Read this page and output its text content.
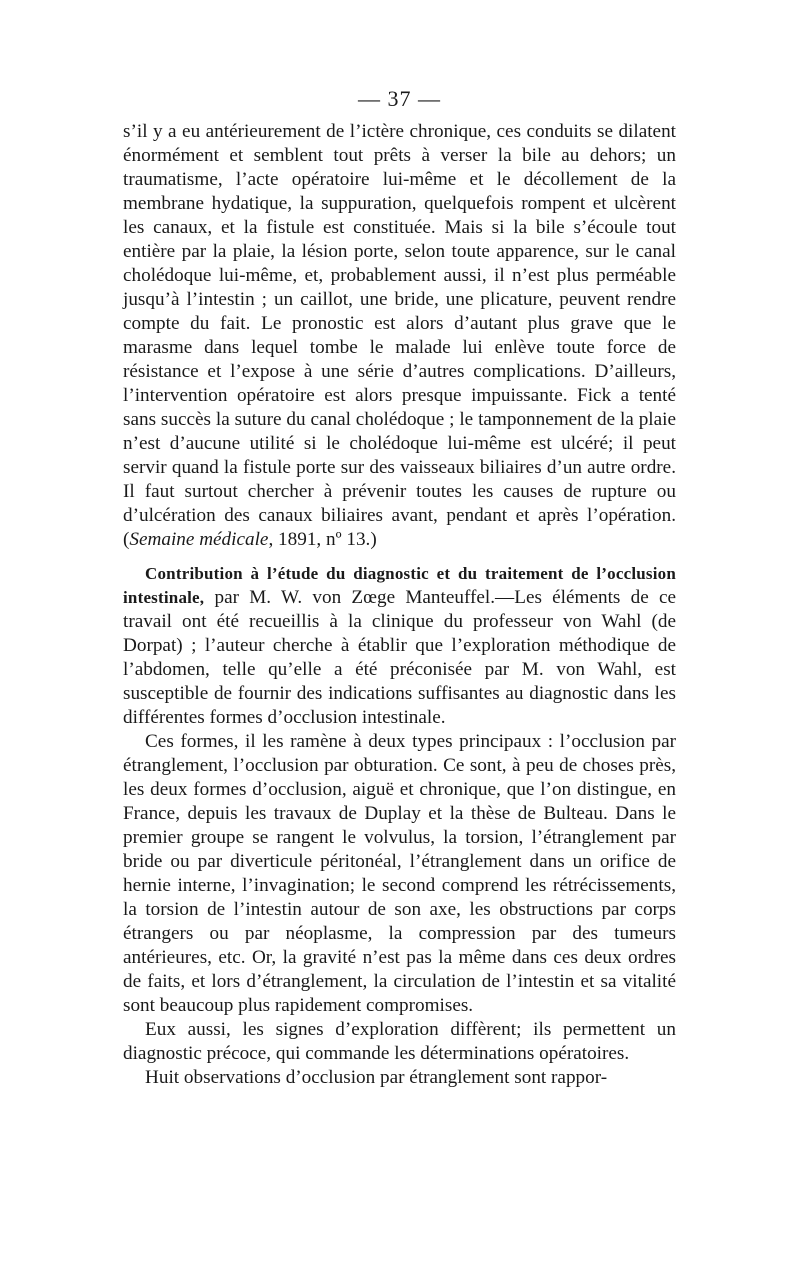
— 37 —

s’il y a eu antérieurement de l’ictère chronique, ces conduits se dilatent énormément et semblent tout prêts à verser la bile au dehors; un traumatisme, l’acte opératoire lui-même et le décollement de la membrane hydatique, la suppuration, quelquefois rompent et ulcèrent les canaux, et la fistule est constituée. Mais si la bile s’écoule tout entière par la plaie, la lésion porte, selon toute apparence, sur le canal cholédoque lui-même, et, probablement aussi, il n’est plus perméable jusqu’à l’intestin ; un caillot, une bride, une plicature, peuvent rendre compte du fait. Le pronostic est alors d’autant plus grave que le marasme dans lequel tombe le malade lui enlève toute force de résistance et l’expose à une série d’autres complications. D’ailleurs, l’intervention opératoire est alors presque impuissante. Fick a tenté sans succès la suture du canal cholédoque ; le tamponnement de la plaie n’est d’aucune utilité si le cholédoque lui-même est ulcéré; il peut servir quand la fistule porte sur des vaisseaux biliaires d’un autre ordre. Il faut surtout chercher à prévenir toutes les causes de rupture ou d’ulcération des canaux biliaires avant, pendant et après l’opération. (Semaine médicale, 1891, nº 13.)

Contribution à l’étude du diagnostic et du traitement de l’occlusion intestinale, par M. W. von Zœge Manteuffel.—Les éléments de ce travail ont été recueillis à la clinique du professeur von Wahl (de Dorpat) ; l’auteur cherche à établir que l’exploration méthodique de l’abdomen, telle qu’elle a été préconisée par M. von Wahl, est susceptible de fournir des indications suffisantes au diagnostic dans les différentes formes d’occlusion intestinale.

Ces formes, il les ramène à deux types principaux : l’occlusion par étranglement, l’occlusion par obturation. Ce sont, à peu de choses près, les deux formes d’occlusion, aiguë et chronique, que l’on distingue, en France, depuis les travaux de Duplay et la thèse de Bulteau. Dans le premier groupe se rangent le volvulus, la torsion, l’étranglement par bride ou par diverticule péritonéal, l’étranglement dans un orifice de hernie interne, l’invagination; le second comprend les rétrécissements, la torsion de l’intestin autour de son axe, les obstructions par corps étrangers ou par néoplasme, la compression par des tumeurs antérieures, etc. Or, la gravité n’est pas la même dans ces deux ordres de faits, et lors d’étranglement, la circulation de l’intestin et sa vitalité sont beaucoup plus rapidement compromises.

Eux aussi, les signes d’exploration diffèrent; ils permettent un diagnostic précoce, qui commande les déterminations opératoires.

Huit observations d’occlusion par étranglement sont rappor-
